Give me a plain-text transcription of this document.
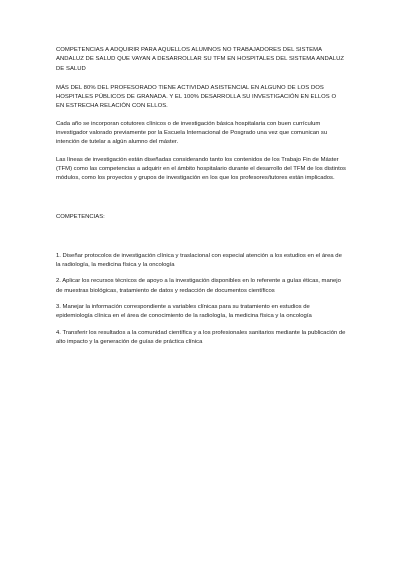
COMPETENCIAS A ADQUIRIR PARA AQUELLOS ALUMNOS NO TRABAJADORES DEL SISTEMA ANDALUZ DE SALUD QUE VAYAN A DESARROLLAR SU TFM EN HOSPITALES DEL SISTEMA ANDALUZ DE SALUD

MÁS DEL 80% DEL PROFESORADO TIENE ACTIVIDAD ASISTENCIAL EN ALGUNO DE LOS DOS HOSPITALES PÚBLICOS DE GRANADA. Y EL 100% DESARROLLA SU INVESTIGACIÓN EN ELLOS O EN ESTRECHA RELACIÓN CON ELLOS.

Cada año se incorporan cotutores clínicos o de investigación básica hospitalaria con buen currículum investigador valorado previamente por la Escuela Internacional de Posgrado una vez que comunican su intención de tutelar a algún alumno del máster.

Las líneas de investigación están diseñadas considerando tanto los contenidos de los Trabajo Fin de Máster (TFM) como las competencias a adquirir en el ámbito hospitalario durante el desarrollo del TFM de los distintos módulos, como los proyectos y grupos de investigación en los que los profesores/tutores están implicados.

COMPETENCIAS:

1. Diseñar protocolos de investigación clínica y traslacional con especial atención a los estudios en el área de la radiología, la medicina física y la oncología

2. Aplicar los recursos técnicos de apoyo a la investigación disponibles en lo referente a guías éticas, manejo de muestras biológicas, tratamiento de datos y redacción de documentos científicos

3. Manejar la información correspondiente a variables clínicas para su tratamiento en estudios de epidemiología clínica en el área de conocimiento de la radiología, la medicina física y la oncología

4. Transferir los resultados a la comunidad científica y a los profesionales sanitarios mediante la publicación de alto impacto y la generación de guías de práctica clínica
